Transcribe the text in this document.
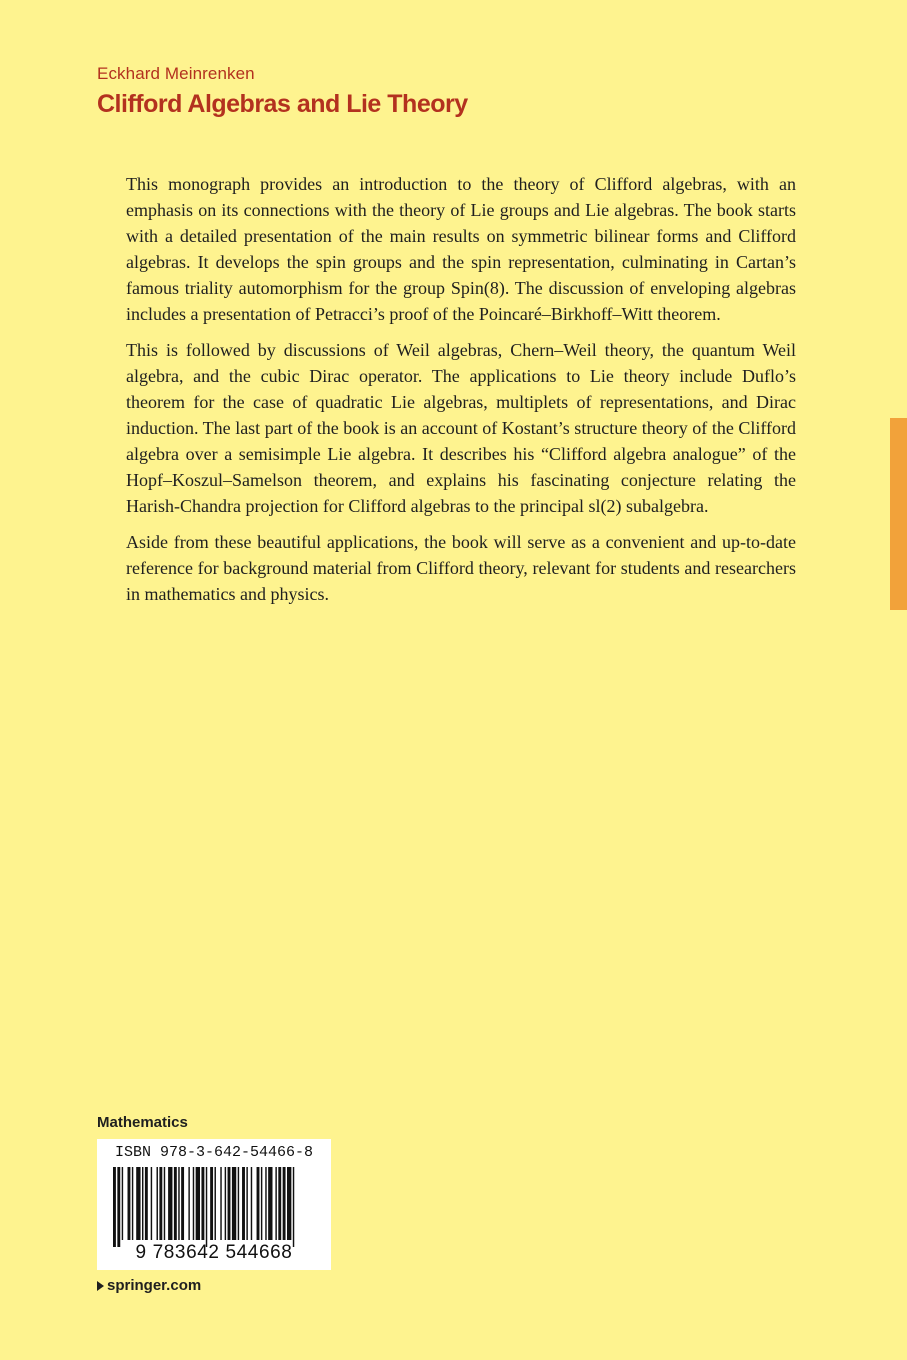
Eckhard Meinrenken
Clifford Algebras and Lie Theory

This monograph provides an introduction to the theory of Clifford algebras, with an emphasis on its connections with the theory of Lie groups and Lie algebras. The book starts with a detailed presentation of the main results on symmetric bilinear forms and Clifford algebras. It develops the spin groups and the spin representation, culminating in Cartan’s famous triality automorphism for the group Spin(8). The discussion of enveloping algebras includes a presentation of Petracci’s proof of the Poincaré–Birkhoff–Witt theorem.

This is followed by discussions of Weil algebras, Chern–Weil theory, the quantum Weil algebra, and the cubic Dirac operator. The applications to Lie theory include Duflo’s theorem for the case of quadratic Lie algebras, multiplets of representations, and Dirac induction. The last part of the book is an account of Kostant’s structure theory of the Clifford algebra over a semisimple Lie algebra. It describes his “Clifford algebra analogue” of the Hopf–Koszul–Samelson theorem, and explains his fascinating conjecture relating the Harish-Chandra projection for Clifford algebras to the principal sl(2) subalgebra.

Aside from these beautiful applications, the book will serve as a convenient and up-to-date reference for background material from Clifford theory, relevant for students and researchers in mathematics and physics.

Mathematics
ISBN 978-3-642-54466-8
9 783642 544668
springer.com
